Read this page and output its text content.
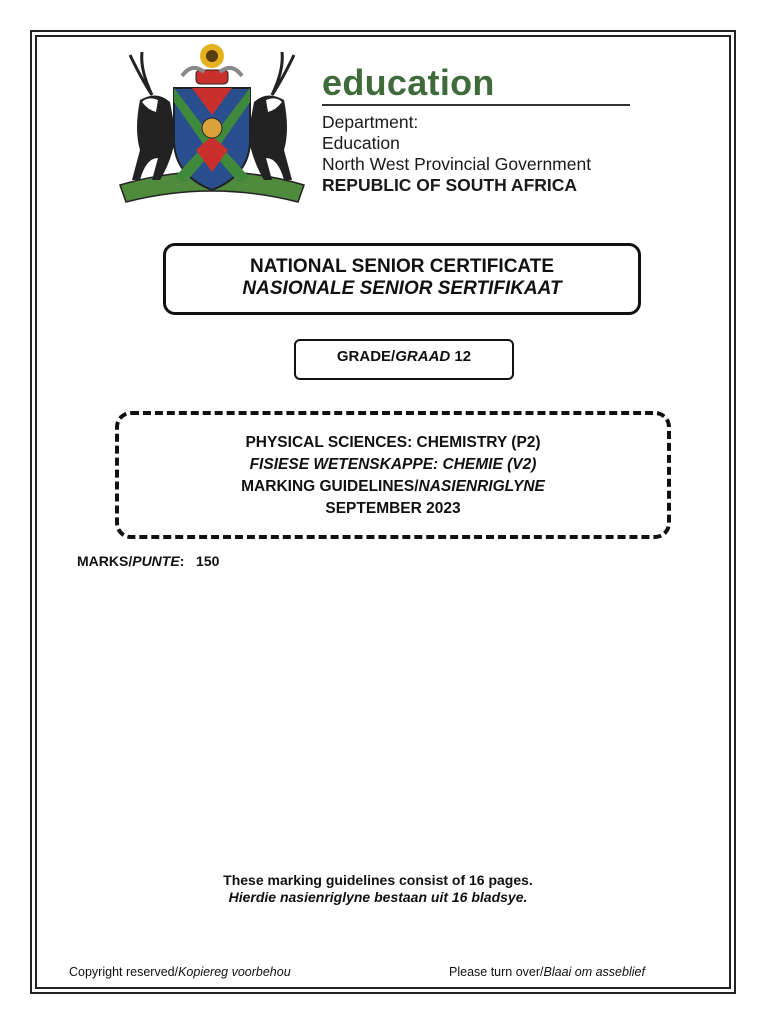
education
Department:
Education
North West Provincial Government
REPUBLIC OF SOUTH AFRICA
NATIONAL SENIOR CERTIFICATE
NASIONALE SENIOR SERTIFIKAAT
GRADE/GRAAD 12
PHYSICAL SCIENCES: CHEMISTRY (P2)
FISIESE WETENSKAPPE: CHEMIE (V2)
MARKING GUIDELINES/NASIENRIGLYNE
SEPTEMBER 2023
MARKS/PUNTE: 150
These marking guidelines consist of 16 pages.
Hierdie nasienriglyne bestaan uit 16 bladsye.
Copyright reserved/Kopiereg voorbehou	Please turn over/Blaai om asseblief
